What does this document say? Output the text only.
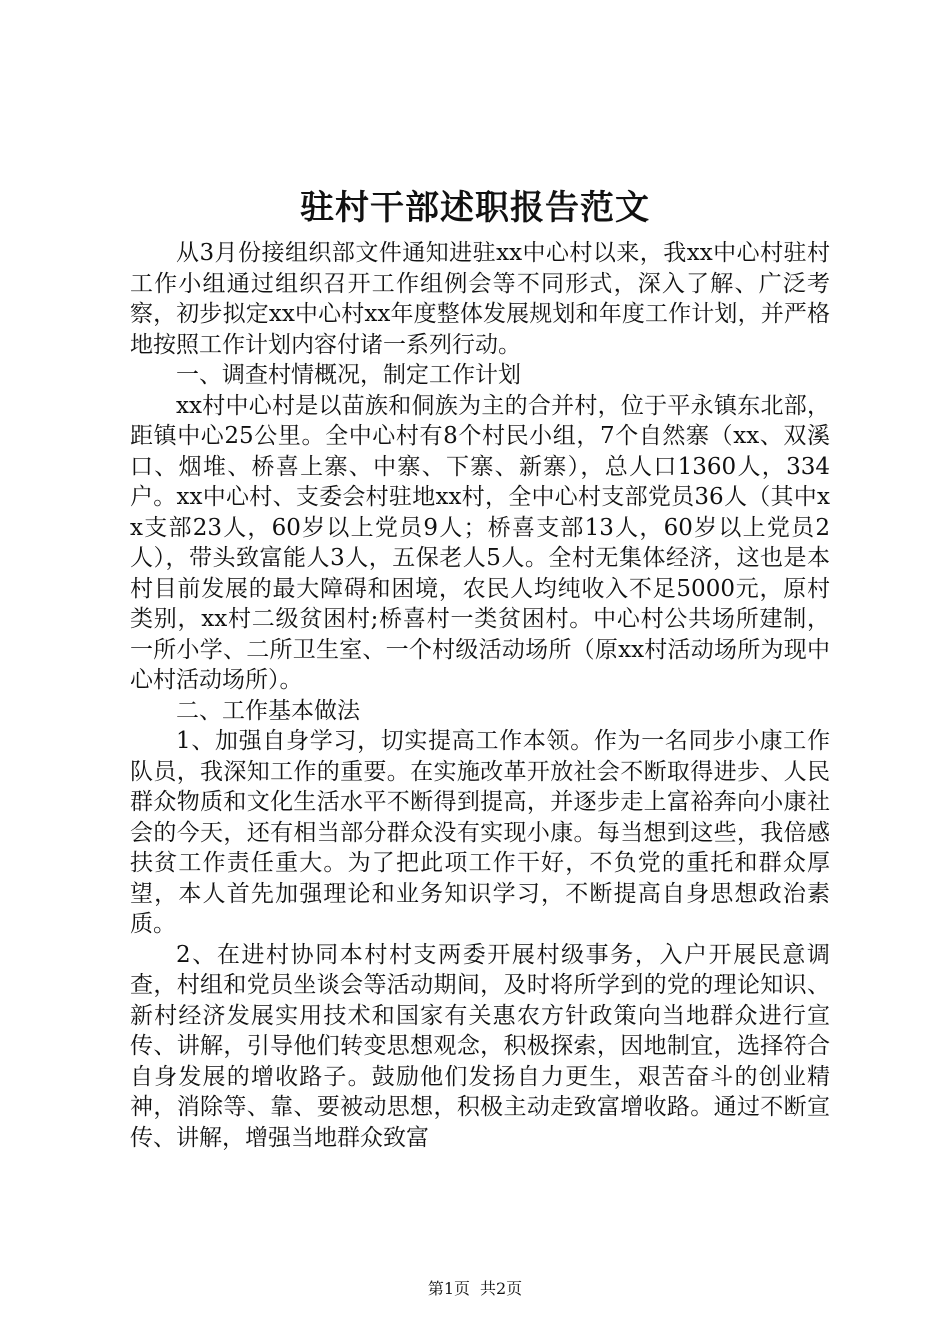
驻村干部述职报告范文

从3月份接组织部文件通知进驻xx中心村以来，我xx中心村驻村工作小组通过组织召开工作组例会等不同形式，深入了解、广泛考察，初步拟定xx中心村xx年度整体发展规划和年度工作计划，并严格地按照工作计划内容付诸一系列行动。

一、调查村情概况，制定工作计划

xx村中心村是以苗族和侗族为主的合并村，位于平永镇东北部，距镇中心25公里。全中心村有8个村民小组，7个自然寨（xx、双溪口、烟堆、桥喜上寨、中寨、下寨、新寨），总人口1360人，334户。xx中心村、支委会村驻地xx村，全中心村支部党员36人（其中xx支部23人，60岁以上党员9人；桥喜支部13人，60岁以上党员2人），带头致富能人3人，五保老人5人。全村无集体经济，这也是本村目前发展的最大障碍和困境，农民人均纯收入不足5000元，原村类别，xx村二级贫困村;桥喜村一类贫困村。中心村公共场所建制，一所小学、二所卫生室、一个村级活动场所（原xx村活动场所为现中心村活动场所）。

二、工作基本做法

1、加强自身学习，切实提高工作本领。作为一名同步小康工作队员，我深知工作的重要。在实施改革开放社会不断取得进步、人民群众物质和文化生活水平不断得到提高，并逐步走上富裕奔向小康社会的今天，还有相当部分群众没有实现小康。每当想到这些，我倍感扶贫工作责任重大。为了把此项工作干好，不负党的重托和群众厚望，本人首先加强理论和业务知识学习，不断提高自身思想政治素质。

2、在进村协同本村村支两委开展村级事务，入户开展民意调查，村组和党员坐谈会等活动期间，及时将所学到的党的理论知识、新村经济发展实用技术和国家有关惠农方针政策向当地群众进行宣传、讲解，引导他们转变思想观念，积极探索，因地制宜，选择符合自身发展的增收路子。鼓励他们发扬自力更生，艰苦奋斗的创业精神，消除等、靠、要被动思想，积极主动走致富增收路。通过不断宣传、讲解，增强当地群众致富

第1页 共2页
